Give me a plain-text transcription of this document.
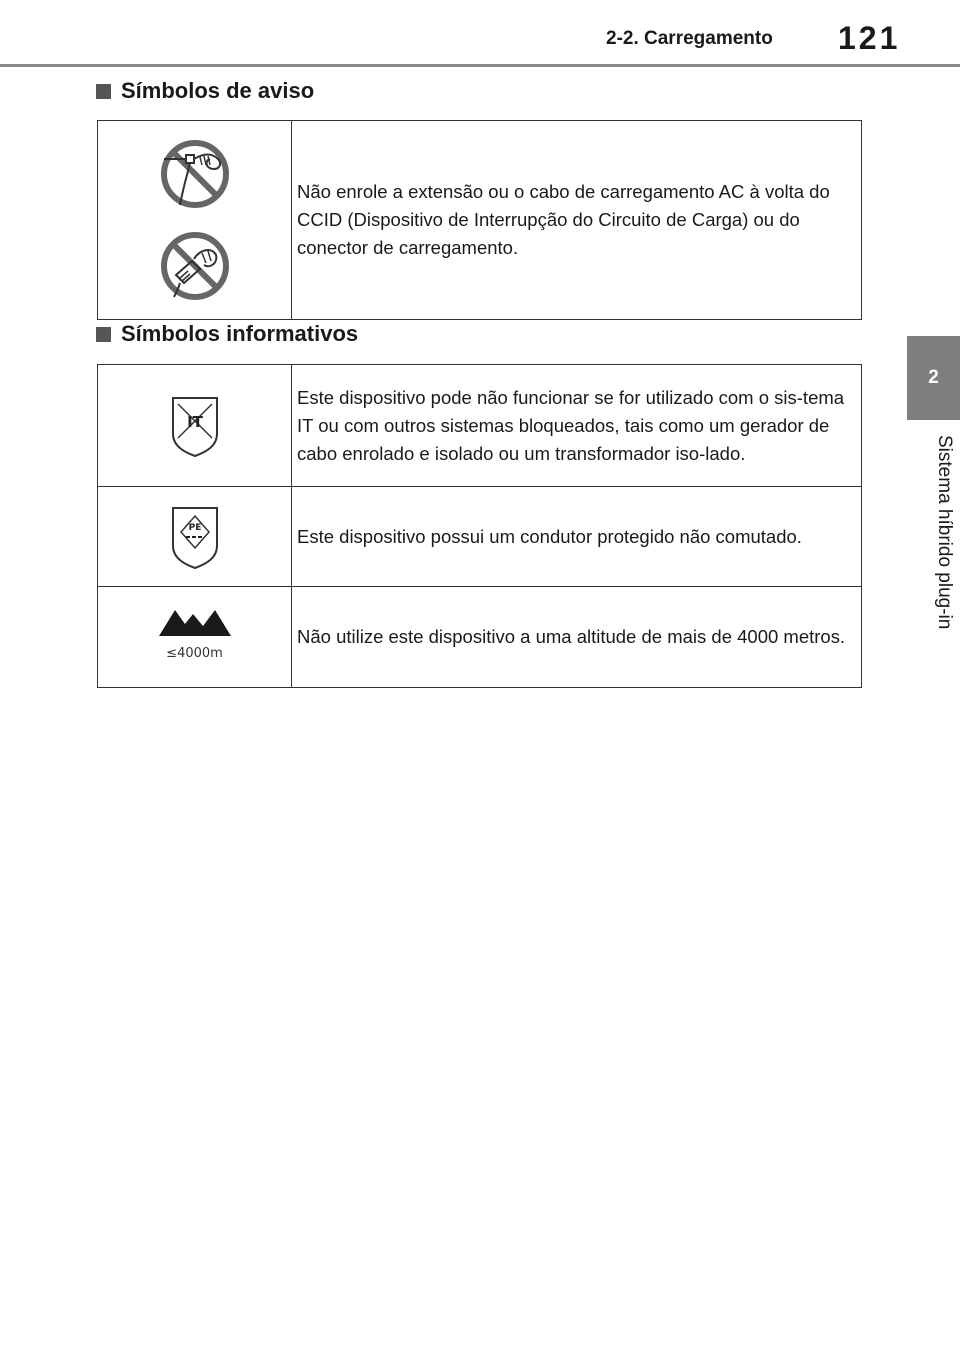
2-2. Carregamento 121
2
Sistema híbrido plug-in
Símbolos de aviso
	Não enrole a extensão ou o cabo de carregamento AC à volta do CCID (Dispositivo de Interrupção do Circuito de Carga) ou do conector de carregamento.
Símbolos informativos
IT	Este dispositivo pode não funcionar se for utilizado com o sis-tema IT ou com outros sistemas bloqueados, tais como um gerador de cabo enrolado e isolado ou um transformador iso-lado.

PE	Este dispositivo possui um condutor protegido não comutado.

≤4000m	Não utilize este dispositivo a uma altitude de mais de 4000 metros.
